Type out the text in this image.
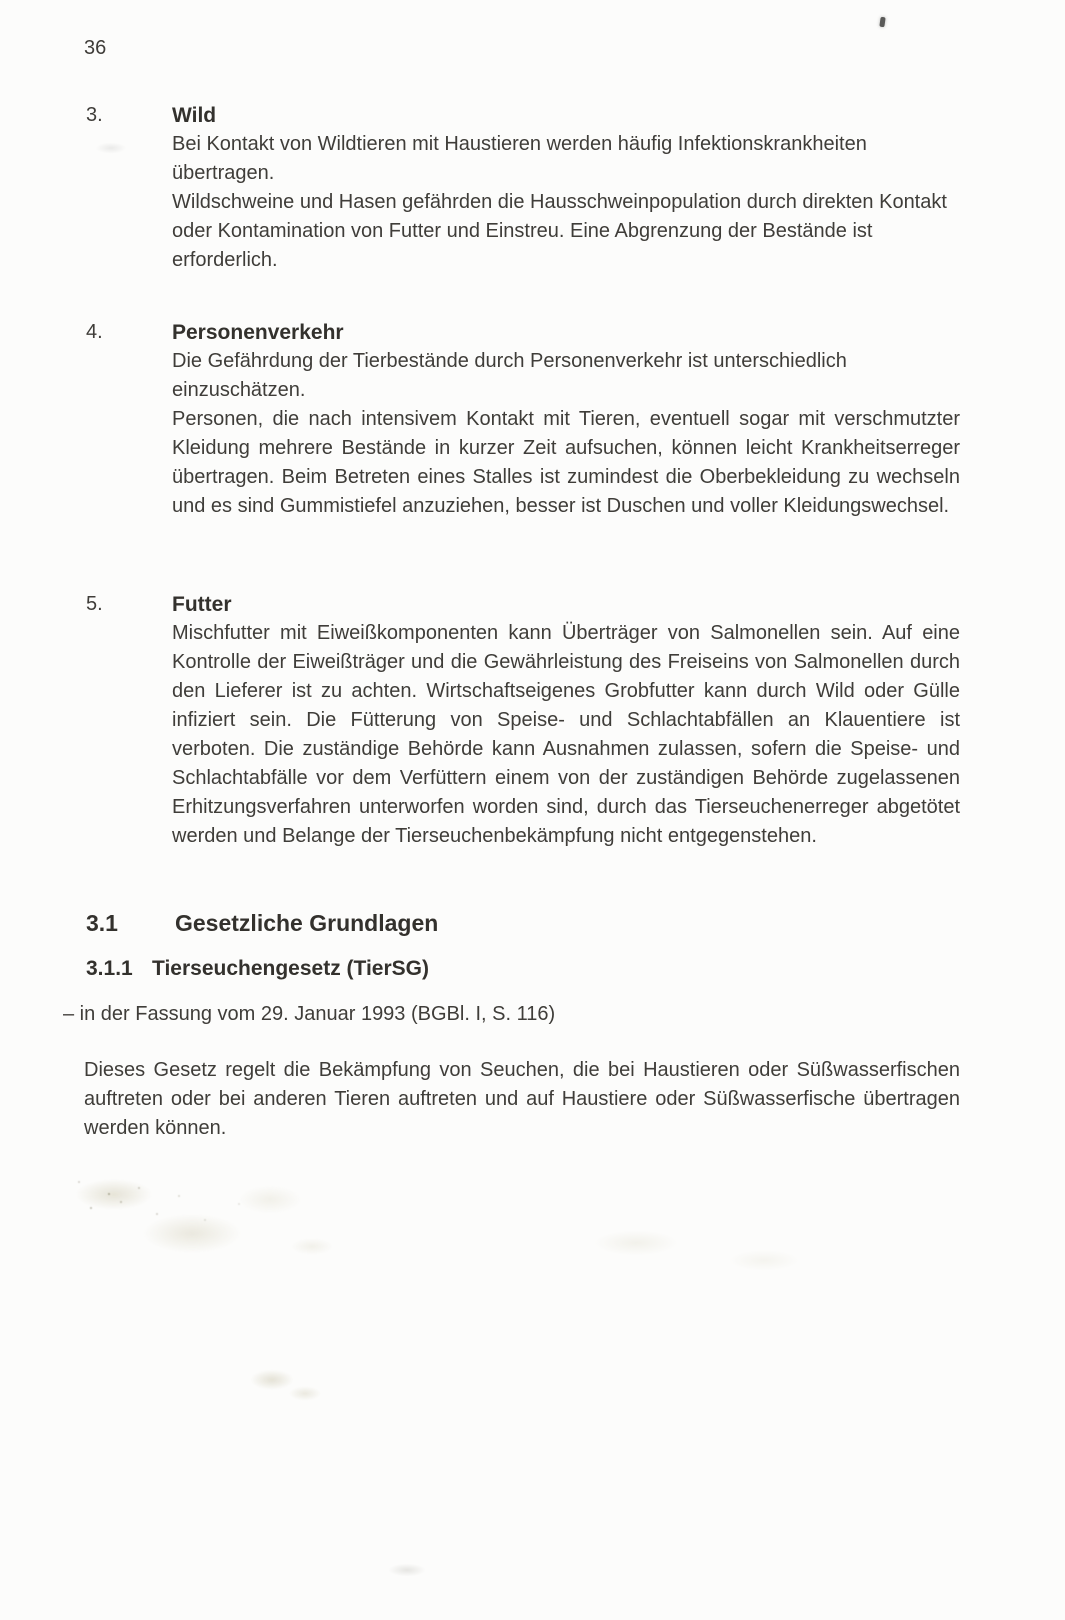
36
3.	Wild

Bei Kontakt von Wildtieren mit Haustieren werden häufig Infektionskrankheiten übertragen.

Wildschweine und Hasen gefährden die Hausschweinpopulation durch direkten Kontakt oder Kontamination von Futter und Einstreu. Eine Abgrenzung der Bestände ist erforderlich.

4.	Personenverkehr

Die Gefährdung der Tierbestände durch Personenverkehr ist unterschiedlich einzuschätzen.

Personen, die nach intensivem Kontakt mit Tieren, eventuell sogar mit verschmutzter Kleidung mehrere Bestände in kurzer Zeit aufsuchen, können leicht Krankheitserreger übertragen. Beim Betreten eines Stalles ist zumindest die Oberbekleidung zu wechseln und es sind Gummistiefel anzuziehen, besser ist Duschen und voller Kleidungswechsel.

5.	Futter

Mischfutter mit Eiweißkomponenten kann Überträger von Salmonellen sein. Auf eine Kontrolle der Eiweißträger und die Gewährleistung des Freiseins von Salmonellen durch den Lieferer ist zu achten. Wirtschaftseigenes Grobfutter kann durch Wild oder Gülle infiziert sein. Die Fütterung von Speise- und Schlachtabfällen an Klauentiere ist verboten. Die zuständige Behörde kann Ausnahmen zulassen, sofern die Speise- und Schlachtabfälle vor dem Verfüttern einem von der zuständigen Behörde zugelassenen Erhitzungsverfahren unterworfen worden sind, durch das Tierseuchenerreger abgetötet werden und Belange der Tierseuchenbekämpfung nicht entgegenstehen.

3.1	Gesetzliche Grundlagen
3.1.1 Tierseuchengesetz (TierSG)
– in der Fassung vom 29. Januar 1993 (BGBl. I, S. 116)

Dieses Gesetz regelt die Bekämpfung von Seuchen, die bei Haustieren oder Süßwasserfischen auftreten oder bei anderen Tieren auftreten und auf Haustiere oder Süßwasserfische übertragen werden können.
